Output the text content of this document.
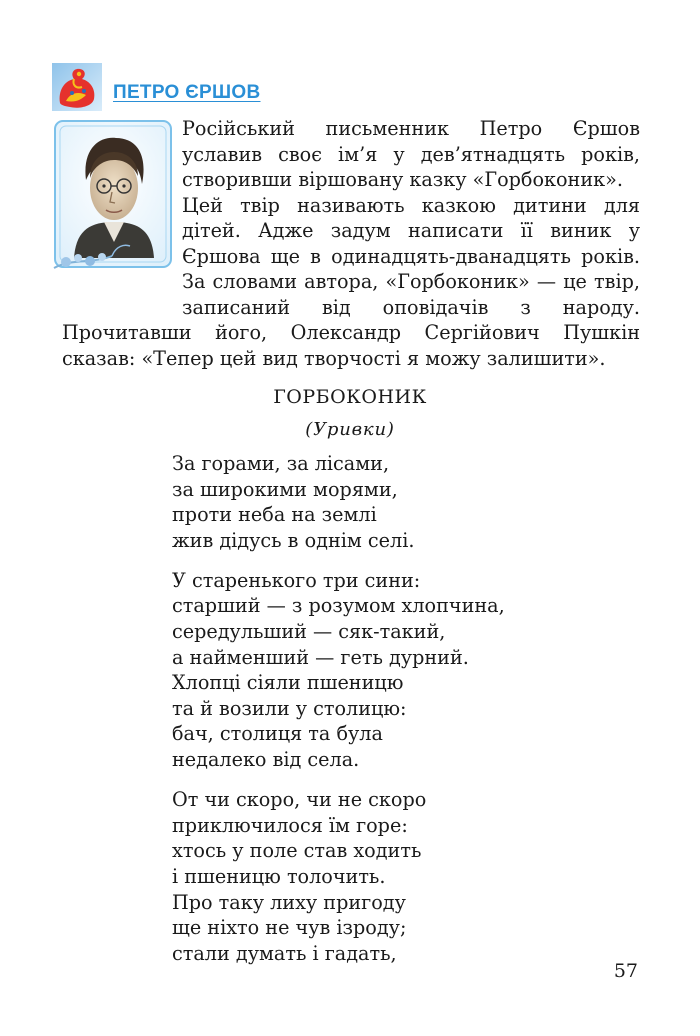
ПЕТРО ЄРШОВ

Російський письменник Петро Єршов уславив своє ім’я у дев’ятнадцять років, створивши віршовану казку «Горбоконик».

Цей твір називають казкою дитини для дітей. Адже задум написати її виник у Єршова ще в одинадцять-дванадцять років. За словами автора, «Горбоконик» — це твір, записаний від оповідачів з народу. Прочитавши його, Олександр Сергійович Пушкін сказав: «Тепер цей вид творчості я можу залишити».

ГОРБОКОНИК
(Уривки)
За горами, за лісами,
за широкими морями,
проти неба на землі
жив дідусь в однім селі.
У старенького три сини:
старший — з розумом хлопчина,
середульший — сяк-такий,
а найменший — геть дурний.
Хлопці сіяли пшеницю
та й возили у столицю:
бач, столиця та була
недалеко від села.
От чи скоро, чи не скоро
приключилося їм горе:
хтось у поле став ходить
і пшеницю толочить.
Про таку лиху пригоду
ще ніхто не чув ізроду;
стали думать і гадать,
57
